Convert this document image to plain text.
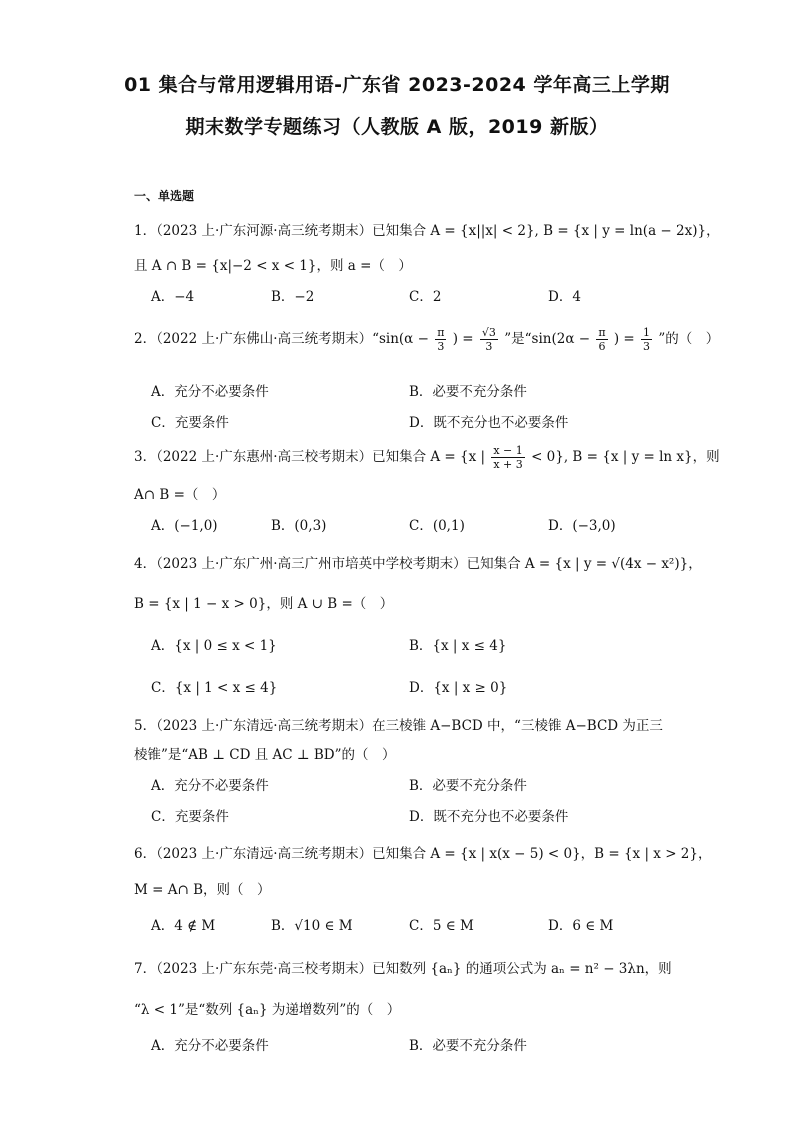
01 集合与常用逻辑用语-广东省 2023-2024 学年高三上学期
期末数学专题练习（人教版 A 版，2019 新版）
一、单选题
1．（2023 上·广东河源·高三统考期末）已知集合 A = {x||x| < 2}, B = {x | y = ln(a − 2x)}，
且 A ∩ B = {x|−2 < x < 1}，则 a =（　）
A．−4	B．−2	C．2	D．4
2．（2022 上·广东佛山·高三统考期末）“sin(α − $\frac{\pi}{3}$ ) = $\frac{√3}{3}$ ”是“$\sin(2\alpha - \frac{\pi}{6}$ ) = $\frac{1}{3}$ ”的（　）
A．充分不必要条件	B．必要不充分条件
C．充要条件	D．既不充分也不必要条件
3．（2022 上·广东惠州·高三校考期末）已知集合 A = {x | $\frac{x - 1}{x + 3} < 0$}, B = {x | y = ln x}，则
A∩ B =（　）
A．(−1,0)	B．(0,3)	C．(0,1)	D．(−3,0)
4．（2023 上·广东广州·高三广州市培英中学校考期末）已知集合 A = {x | y = √(4x − x²)}，
B = {x | 1 − x > 0}，则 A ∪ B =（　）
A．{x | 0 ≤ x < 1}	B．{x | x ≤ 4}
C．{x | 1 < x ≤ 4}	D．{x | x ≥ 0}
5．（2023 上·广东清远·高三统考期末）在三棱锥 A−BCD 中，“三棱锥 A−BCD 为正三
棱锥”是“AB ⊥ CD 且 AC ⊥ BD”的（　）
A．充分不必要条件	B．必要不充分条件
C．充要条件	D．既不充分也不必要条件
6．（2023 上·广东清远·高三统考期末）已知集合 A = {x | x(x − 5) < 0}，B = {x | x > 2}，
M = A∩ B，则（　）
A．4 ∉ M	B．√10 ∈ M	C．5 ∈ M	D．6 ∈ M
7．（2023 上·广东东莞·高三校考期末）已知数列 {aₙ} 的通项公式为 aₙ = n² − 3λn，则
“λ < 1”是“数列 {aₙ} 为递增数列”的（　）
A．充分不必要条件	B．必要不充分条件
